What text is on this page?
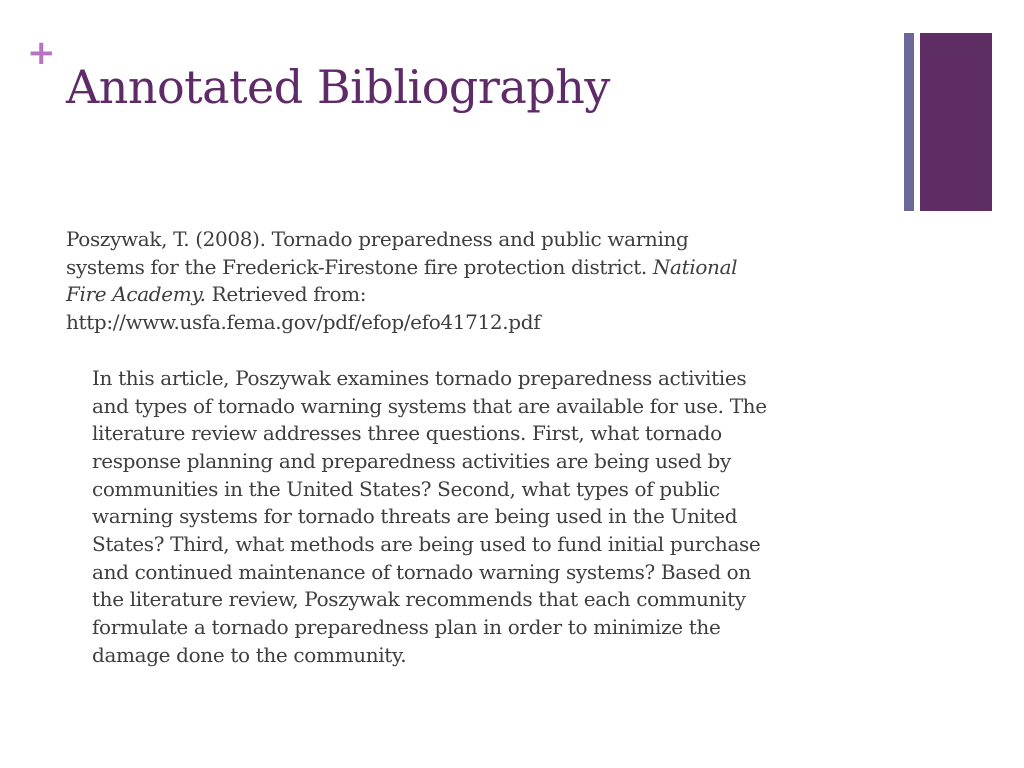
+
Annotated Bibliography

Poszywak, T. (2008). Tornado preparedness and public warning
systems for the Frederick-Firestone fire protection district. National
Fire Academy. Retrieved from:
http://www.usfa.fema.gov/pdf/efop/efo41712.pdf

In this article, Poszywak examines tornado preparedness activities
and types of tornado warning systems that are available for use. The
literature review addresses three questions. First, what tornado
response planning and preparedness activities are being used by
communities in the United States? Second, what types of public
warning systems for tornado threats are being used in the United
States? Third, what methods are being used to fund initial purchase
and continued maintenance of tornado warning systems? Based on
the literature review, Poszywak recommends that each community
formulate a tornado preparedness plan in order to minimize the
damage done to the community.
